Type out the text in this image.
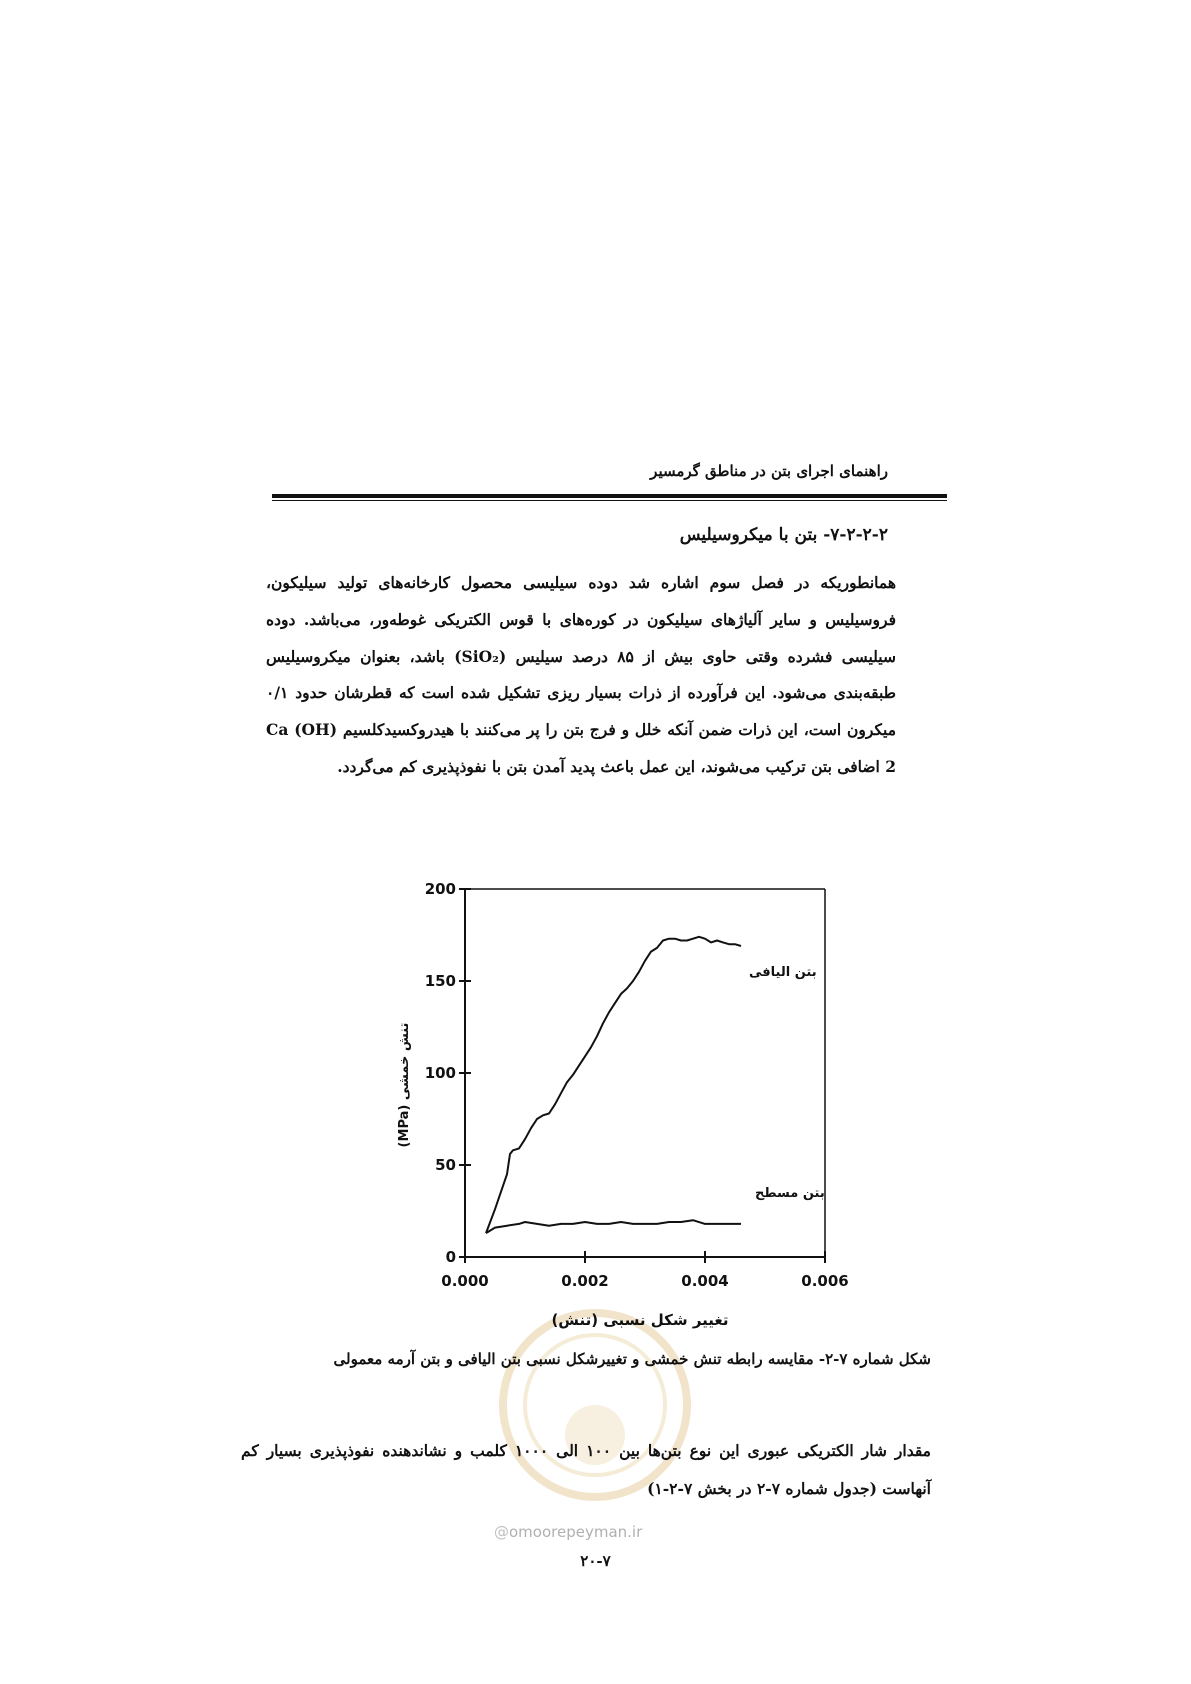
راهنمای اجرای بتن در مناطق گرمسیر
۷-۲-۲-۲- بتن با میکروسیلیس
همانطوریکه در فصل سوم اشاره شد دوده سیلیسی محصول کارخانه‌های تولید سیلیکون، فروسیلیس و سایر آلیاژهای سیلیکون در کوره‌های با قوس الکتریکی غوطه‌ور، می‌باشد. دوده سیلیسی فشرده وقتی حاوی بیش از ۸۵ درصد سیلیس (SiO₂) باشد، بعنوان میکروسیلیس طبقه‌بندی می‌شود. این فرآورده از ذرات بسیار ریزی تشکیل شده است که قطرشان حدود ۰/۱ میکرون است، این ذرات ضمن آنکه خلل و فرج بتن را پر می‌کنند با هیدروکسیدکلسیم Ca (OH) 2 اضافی بتن ترکیب می‌شوند، این عمل باعث پدید آمدن بتن با نفوذپذیری کم می‌گردد.
0
50
100
150
200
0.000	0.002	0.004	0.006
بتن الیافی
بتن مسطح
تغییر شکل نسبی (تنش)
تنش خمشی (MPa)
شکل شماره ۷-۲- مقایسه رابطه تنش خمشی و تغییرشکل نسبی بتن الیافی و بتن آرمه معمولی
مقدار شار الکتریکی عبوری این نوع بتن‌ها بین ۱۰۰ الی ۱۰۰۰ کلمب و نشاندهنده نفوذپذیری بسیار کم آنهاست (جدول شماره ۷-۲ در بخش ۷-۲-۱)
@omoorepeyman.ir
۲۰-۷
